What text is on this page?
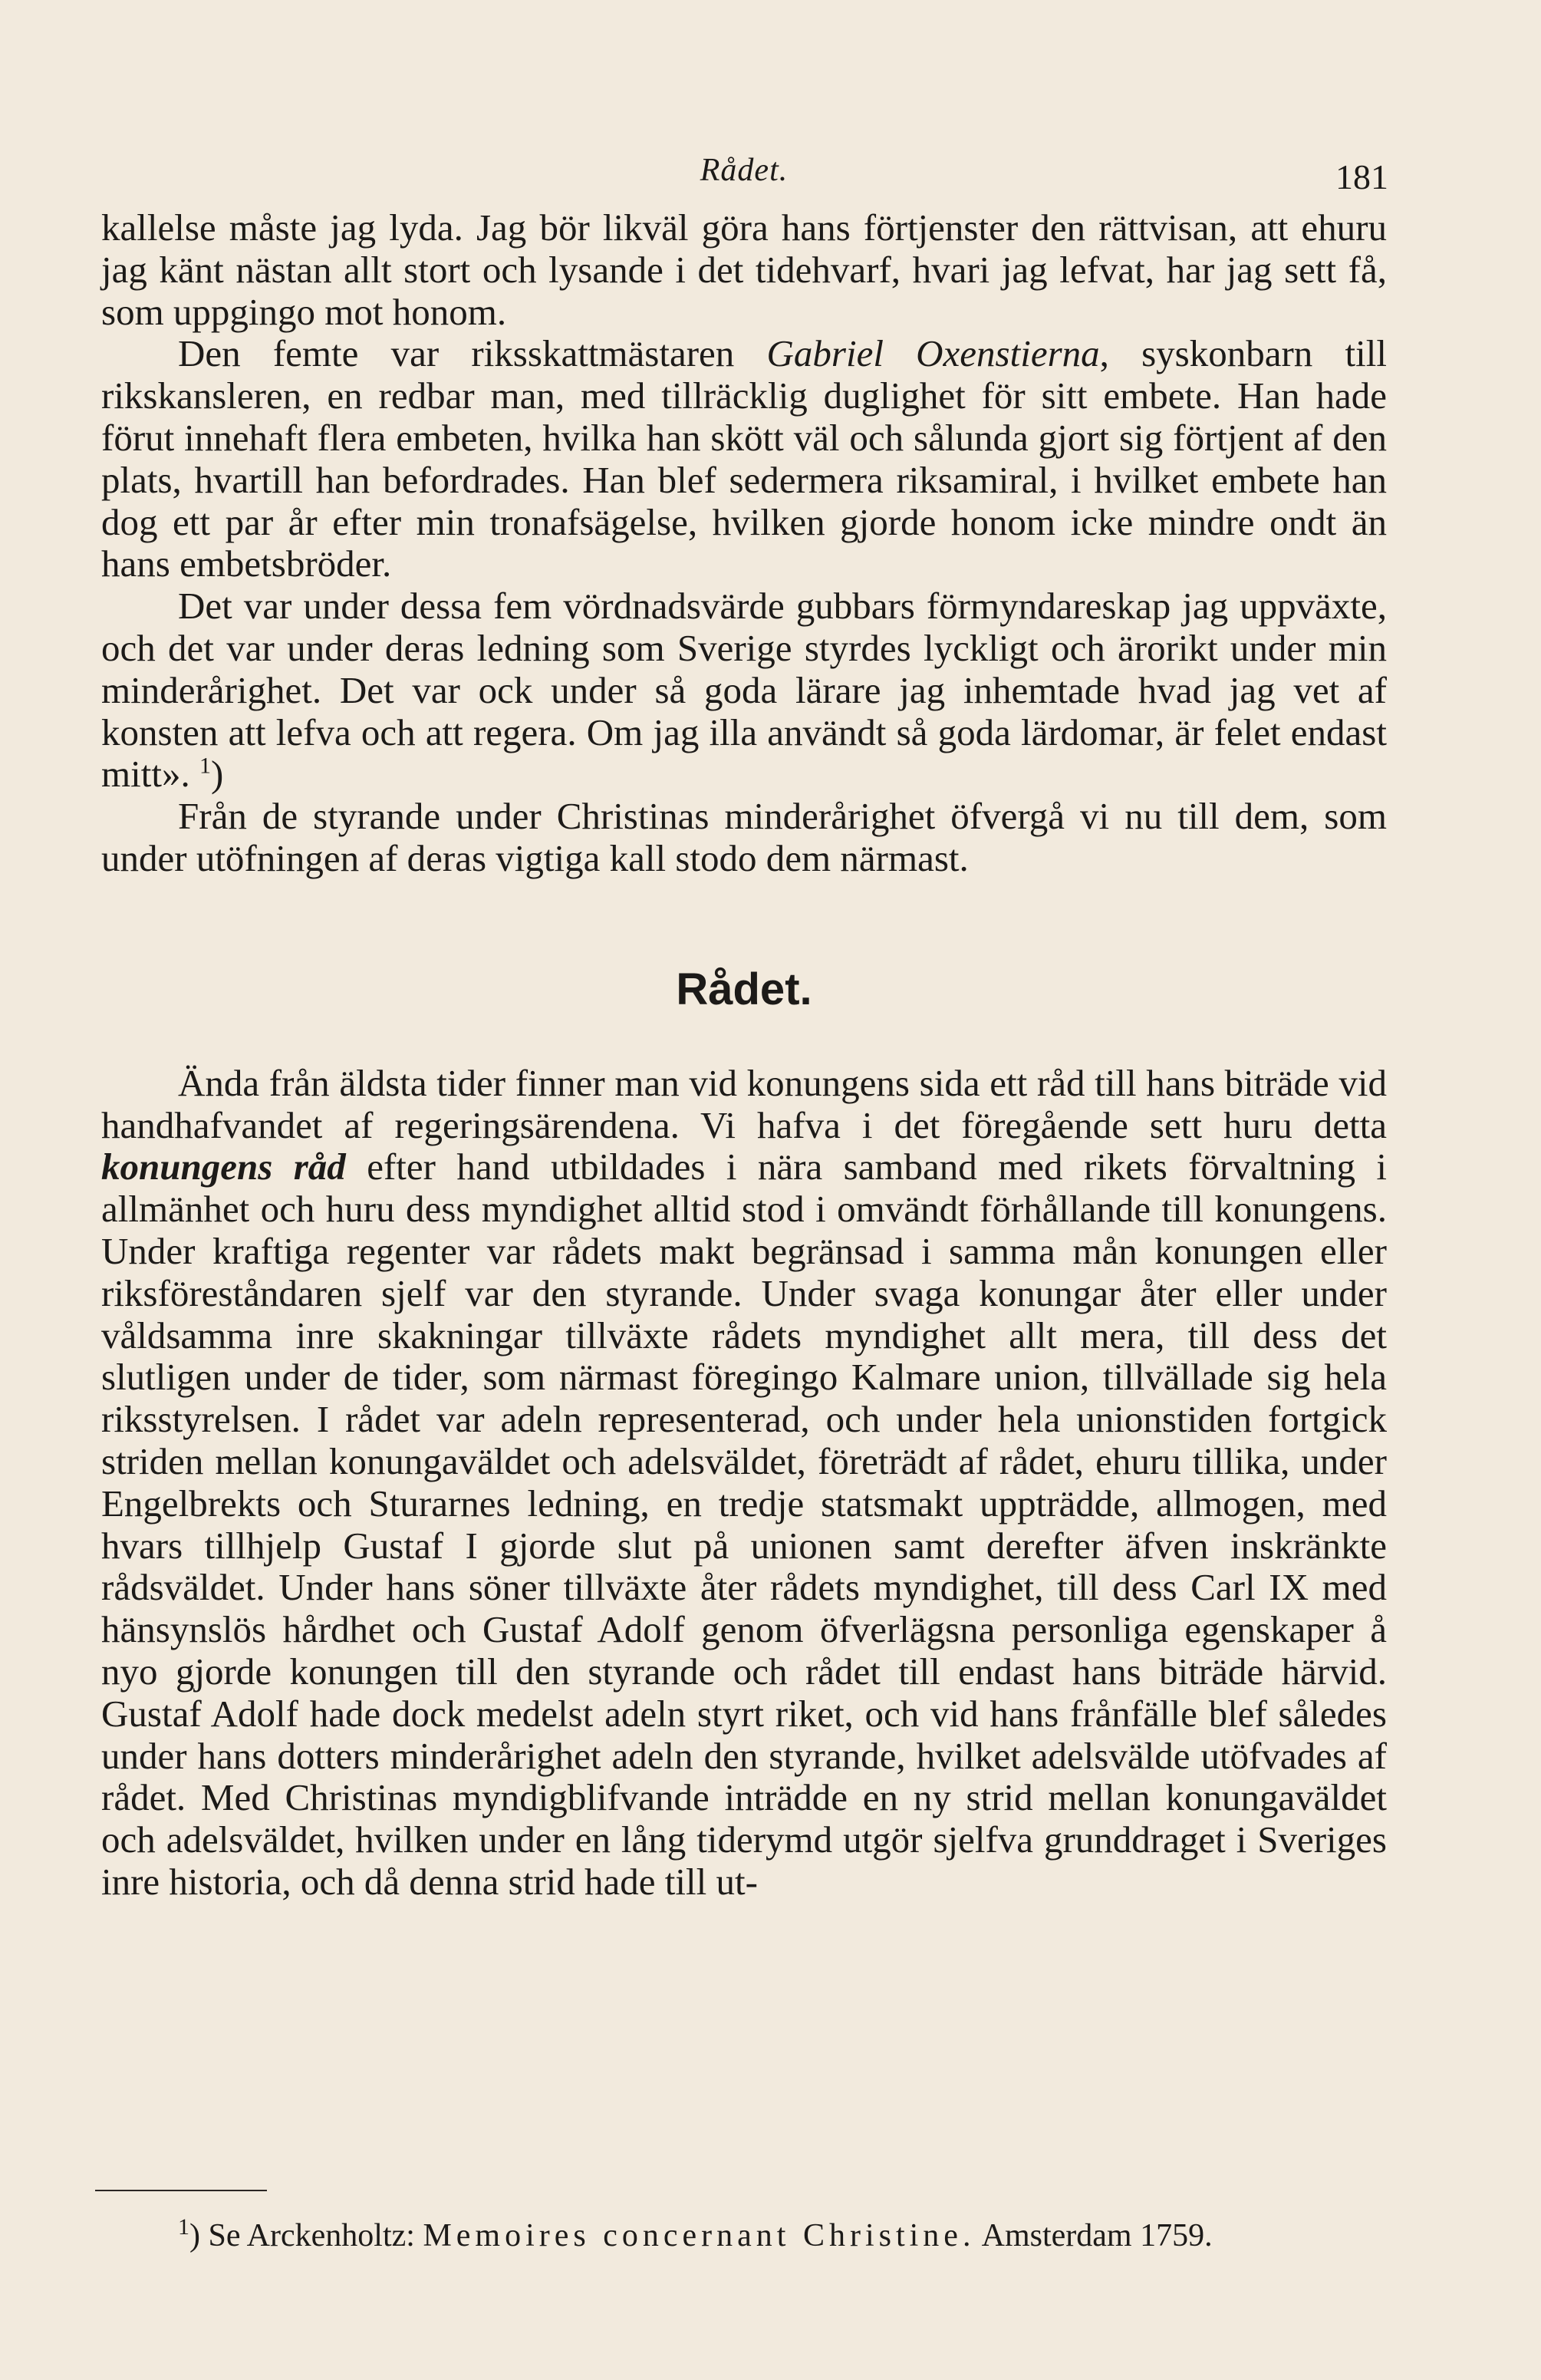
Rådet.	181

kallelse måste jag lyda. Jag bör likväl göra hans förtjenster den rättvisan, att ehuru jag känt nästan allt stort och lysande i det tidehvarf, hvari jag lefvat, har jag sett få, som uppgingo mot honom.

Den femte var riksskattmästaren Gabriel Oxenstierna, syskonbarn till rikskansleren, en redbar man, med tillräcklig duglighet för sitt embete. Han hade förut innehaft flera embeten, hvilka han skött väl och sålunda gjort sig förtjent af den plats, hvartill han befordrades. Han blef sedermera riksamiral, i hvilket embete han dog ett par år efter min tronafsägelse, hvilken gjorde honom icke mindre ondt än hans embetsbröder.

Det var under dessa fem vördnadsvärde gubbars förmyndareskap jag uppväxte, och det var under deras ledning som Sverige styrdes lyckligt och ärorikt under min minderårighet. Det var ock under så goda lärare jag inhemtade hvad jag vet af konsten att lefva och att regera. Om jag illa användt så goda lärdomar, är felet endast mitt». $^1$)

Från de styrande under Christinas minderårighet öfvergå vi nu till dem, som under utöfningen af deras vigtiga kall stodo dem närmast.

Rådet.

Ända från äldsta tider finner man vid konungens sida ett råd till hans biträde vid handhafvandet af regeringsärendena. Vi hafva i det föregående sett huru detta konungens råd efter hand utbildades i nära samband med rikets förvaltning i allmänhet och huru dess myndighet alltid stod i omvändt förhållande till konungens. Under kraftiga regenter var rådets makt begränsad i samma mån konungen eller riksföreståndaren sjelf var den styrande. Under svaga konungar åter eller under våldsamma inre skakningar tillväxte rådets myndighet allt mera, till dess det slutligen under de tider, som närmast föregingo Kalmare union, tillvällade sig hela riksstyrelsen. I rådet var adeln representerad, och under hela unionstiden fortgick striden mellan konungaväldet och adelsväldet, företrädt af rådet, ehuru tillika, under Engelbrekts och Sturarnes ledning, en tredje statsmakt uppträdde, allmogen, med hvars tillhjelp Gustaf I gjorde slut på unionen samt derefter äfven inskränkte rådsväldet. Under hans söner tillväxte åter rådets myndighet, till dess Carl IX med hänsynslös hårdhet och Gustaf Adolf genom öfverlägsna personliga egenskaper å nyo gjorde konungen till den styrande och rådet till endast hans biträde härvid. Gustaf Adolf hade dock medelst adeln styrt riket, och vid hans frånfälle blef således under hans dotters minderårighet adeln den styrande, hvilket adelsvälde utöfvades af rådet. Med Christinas myndigblifvande inträdde en ny strid mellan konungaväldet och adelsväldet, hvilken under en lång tiderymd utgör sjelfva grunddraget i Sveriges inre historia, och då denna strid hade till ut-

$^1$) Se Arckenholtz: Memoires concernant Christine. Amsterdam 1759.
